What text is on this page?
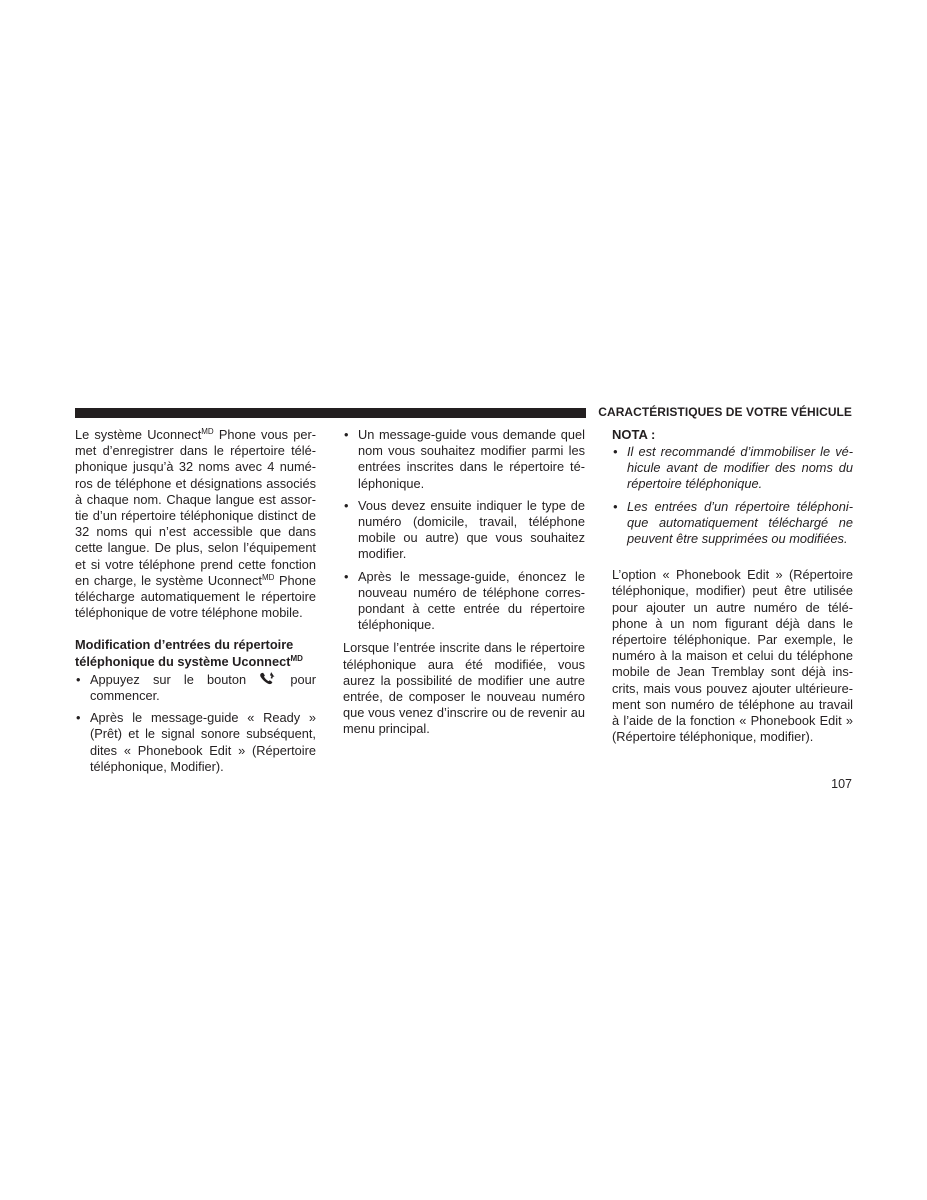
CARACTÉRISTIQUES DE VOTRE VÉHICULE

Le système Uconnect$^{MD}$ Phone vous per-met d’enregistrer dans le répertoire télé-phonique jusqu’à 32 noms avec 4 numé-ros de téléphone et désignations associés à chaque nom. Chaque langue est assor-tie d’un répertoire téléphonique distinct de 32 noms qui n’est accessible que dans cette langue. De plus, selon l’équipement et si votre téléphone prend cette fonction en charge, le système Uconnect$^{MD}$ Phone télécharge automatiquement le répertoire téléphonique de votre téléphone mobile.

Modification d’entrées du répertoire téléphonique du système Uconnect$^{MD}$

• Appuyez sur le bouton  pour commencer.
• Après le message-guide « Ready » (Prêt) et le signal sonore subséquent, dites « Phonebook Edit » (Répertoire téléphonique, Modifier).
• Un message-guide vous demande quel nom vous souhaitez modifier parmi les entrées inscrites dans le répertoire té-léphonique.
• Vous devez ensuite indiquer le type de numéro (domicile, travail, téléphone mobile ou autre) que vous souhaitez modifier.
• Après le message-guide, énoncez le nouveau numéro de téléphone corres-pondant à cette entrée du répertoire téléphonique.

Lorsque l’entrée inscrite dans le répertoire téléphonique aura été modifiée, vous aurez la possibilité de modifier une autre entrée, de composer le nouveau numéro que vous venez d’inscrire ou de revenir au menu principal.

NOTA :
• Il est recommandé d’immobiliser le vé-hicule avant de modifier des noms du répertoire téléphonique.
• Les entrées d’un répertoire téléphoni-que automatiquement téléchargé ne peuvent être supprimées ou modifiées.

L’option « Phonebook Edit » (Répertoire téléphonique, modifier) peut être utilisée pour ajouter un autre numéro de télé-phone à un nom figurant déjà dans le répertoire téléphonique. Par exemple, le numéro à la maison et celui du téléphone mobile de Jean Tremblay sont déjà ins-crits, mais vous pouvez ajouter ultérieure-ment son numéro de téléphone au travail à l’aide de la fonction « Phonebook Edit » (Répertoire téléphonique, modifier).

107
